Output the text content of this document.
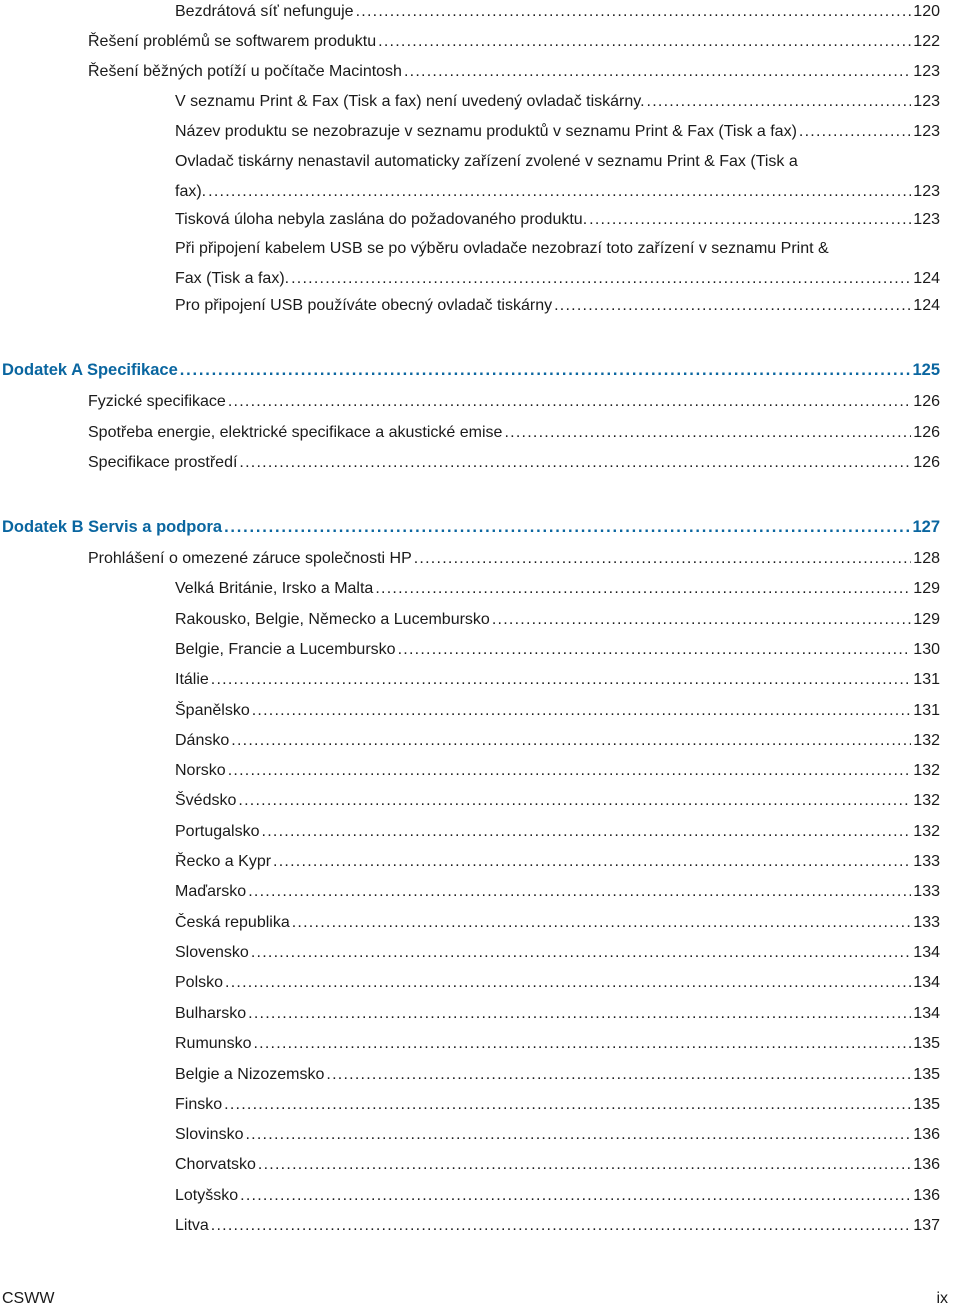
Bezdrátová síť nefunguje . . .	120
Řešení problémů se softwarem produktu . . .	122
Řešení běžných potíží u počítače Macintosh . . .	123
V seznamu Print & Fax (Tisk a fax) není uvedený ovladač tiskárny. . . .	123
Název produktu se nezobrazuje v seznamu produktů v seznamu Print & Fax (Tisk a fax) . . .	123
Ovladač tiskárny nenastavil automaticky zařízení zvolené v seznamu Print & Fax (Tisk a
fax). . . .	123
Tisková úloha nebyla zaslána do požadovaného produktu. . . .	123
Při připojení kabelem USB se po výběru ovladače nezobrazí toto zařízení v seznamu Print &
Fax (Tisk a fax). . . .	124
Pro připojení USB používáte obecný ovladač tiskárny . . .	124
Dodatek A Specifikace . . .	125
Fyzické specifikace . . .	126
Spotřeba energie, elektrické specifikace a akustické emise . . .	126
Specifikace prostředí . . .	126
Dodatek B Servis a podpora . . .	127
Prohlášení o omezené záruce společnosti HP . . .	128
Velká Británie, Irsko a Malta . . .	129
Rakousko, Belgie, Německo a Lucembursko . . .	129
Belgie, Francie a Lucembursko . . .	130
Itálie . . .	131
Španělsko . . .	131
Dánsko . . .	132
Norsko . . .	132
Švédsko . . .	132
Portugalsko . . .	132
Řecko a Kypr . . .	133
Maďarsko . . .	133
Česká republika . . .	133
Slovensko . . .	134
Polsko . . .	134
Bulharsko . . .	134
Rumunsko . . .	135
Belgie a Nizozemsko . . .	135
Finsko . . .	135
Slovinsko . . .	136
Chorvatsko . . .	136
Lotyšsko . . .	136
Litva . . .	137
CSWW	ix
